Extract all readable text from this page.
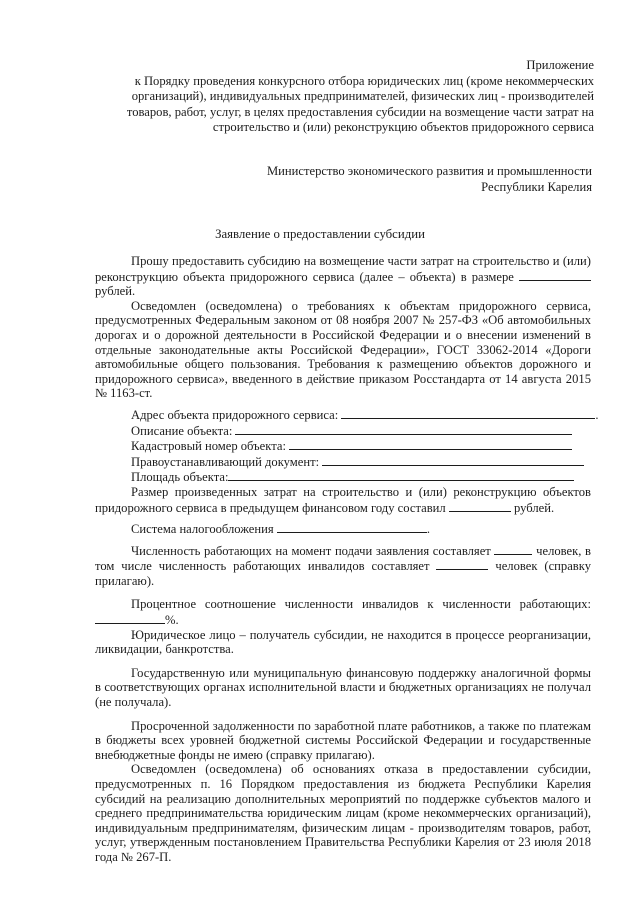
Приложение
к Порядку проведения конкурсного отбора юридических лиц (кроме некоммерческих
организаций), индивидуальных предпринимателей, физических лиц - производителей
товаров, работ, услуг, в целях предоставления субсидии на возмещение части затрат на
строительство и (или) реконструкцию объектов придорожного сервиса
Министерство экономического развития и промышленности
Республики Карелия
Заявление о предоставлении субсидии
Прошу предоставить субсидию на возмещение части затрат на строительство и (или) реконструкцию объекта придорожного сервиса (далее – объекта) в размере  рублей.
Осведомлен (осведомлена) о требованиях к объектам придорожного сервиса, предусмотренных Федеральным законом от 08 ноября 2007 № 257-ФЗ «Об автомобильных дорогах и о дорожной деятельности в Российской Федерации и о внесении изменений в отдельные законодательные акты Российской Федерации», ГОСТ 33062-2014 «Дороги автомобильные общего пользования. Требования к размещению объектов дорожного и придорожного сервиса», введенного в действие приказом Росстандарта от 14 августа 2015 № 1163-ст.
Адрес объекта придорожного сервиса:	.
Описание объекта:
Кадастровый номер объекта:
Правоустанавливающий документ:
Площадь объекта:
Размер произведенных затрат на строительство и (или) реконструкцию объектов придорожного сервиса в предыдущем финансовом году составил	рублей.
Система налогообложения	.
Численность работающих на момент подачи заявления составляет	человек, в том числе численность работающих инвалидов составляет	человек (справку прилагаю).
Процентное соотношение численности инвалидов к численности работающих: %.
Юридическое лицо – получатель субсидии, не находится в процессе реорганизации, ликвидации, банкротства.
Государственную или муниципальную финансовую поддержку аналогичной формы в соответствующих органах исполнительной власти и бюджетных организациях не получал (не получала).
Просроченной задолженности по заработной плате работников, а также по платежам в бюджеты всех уровней бюджетной системы Российской Федерации и государственные внебюджетные фонды не имею (справку прилагаю).
Осведомлен (осведомлена) об основаниях отказа в предоставлении субсидии, предусмотренных п. 16 Порядком предоставления из бюджета Республики Карелия субсидий на реализацию дополнительных мероприятий по поддержке субъектов малого и среднего предпринимательства юридическим лицам (кроме некоммерческих организаций), индивидуальным предпринимателям, физическим лицам - производителям товаров, работ, услуг, утвержденным постановлением Правительства Республики Карелия от 23 июля 2018 года № 267-П.
